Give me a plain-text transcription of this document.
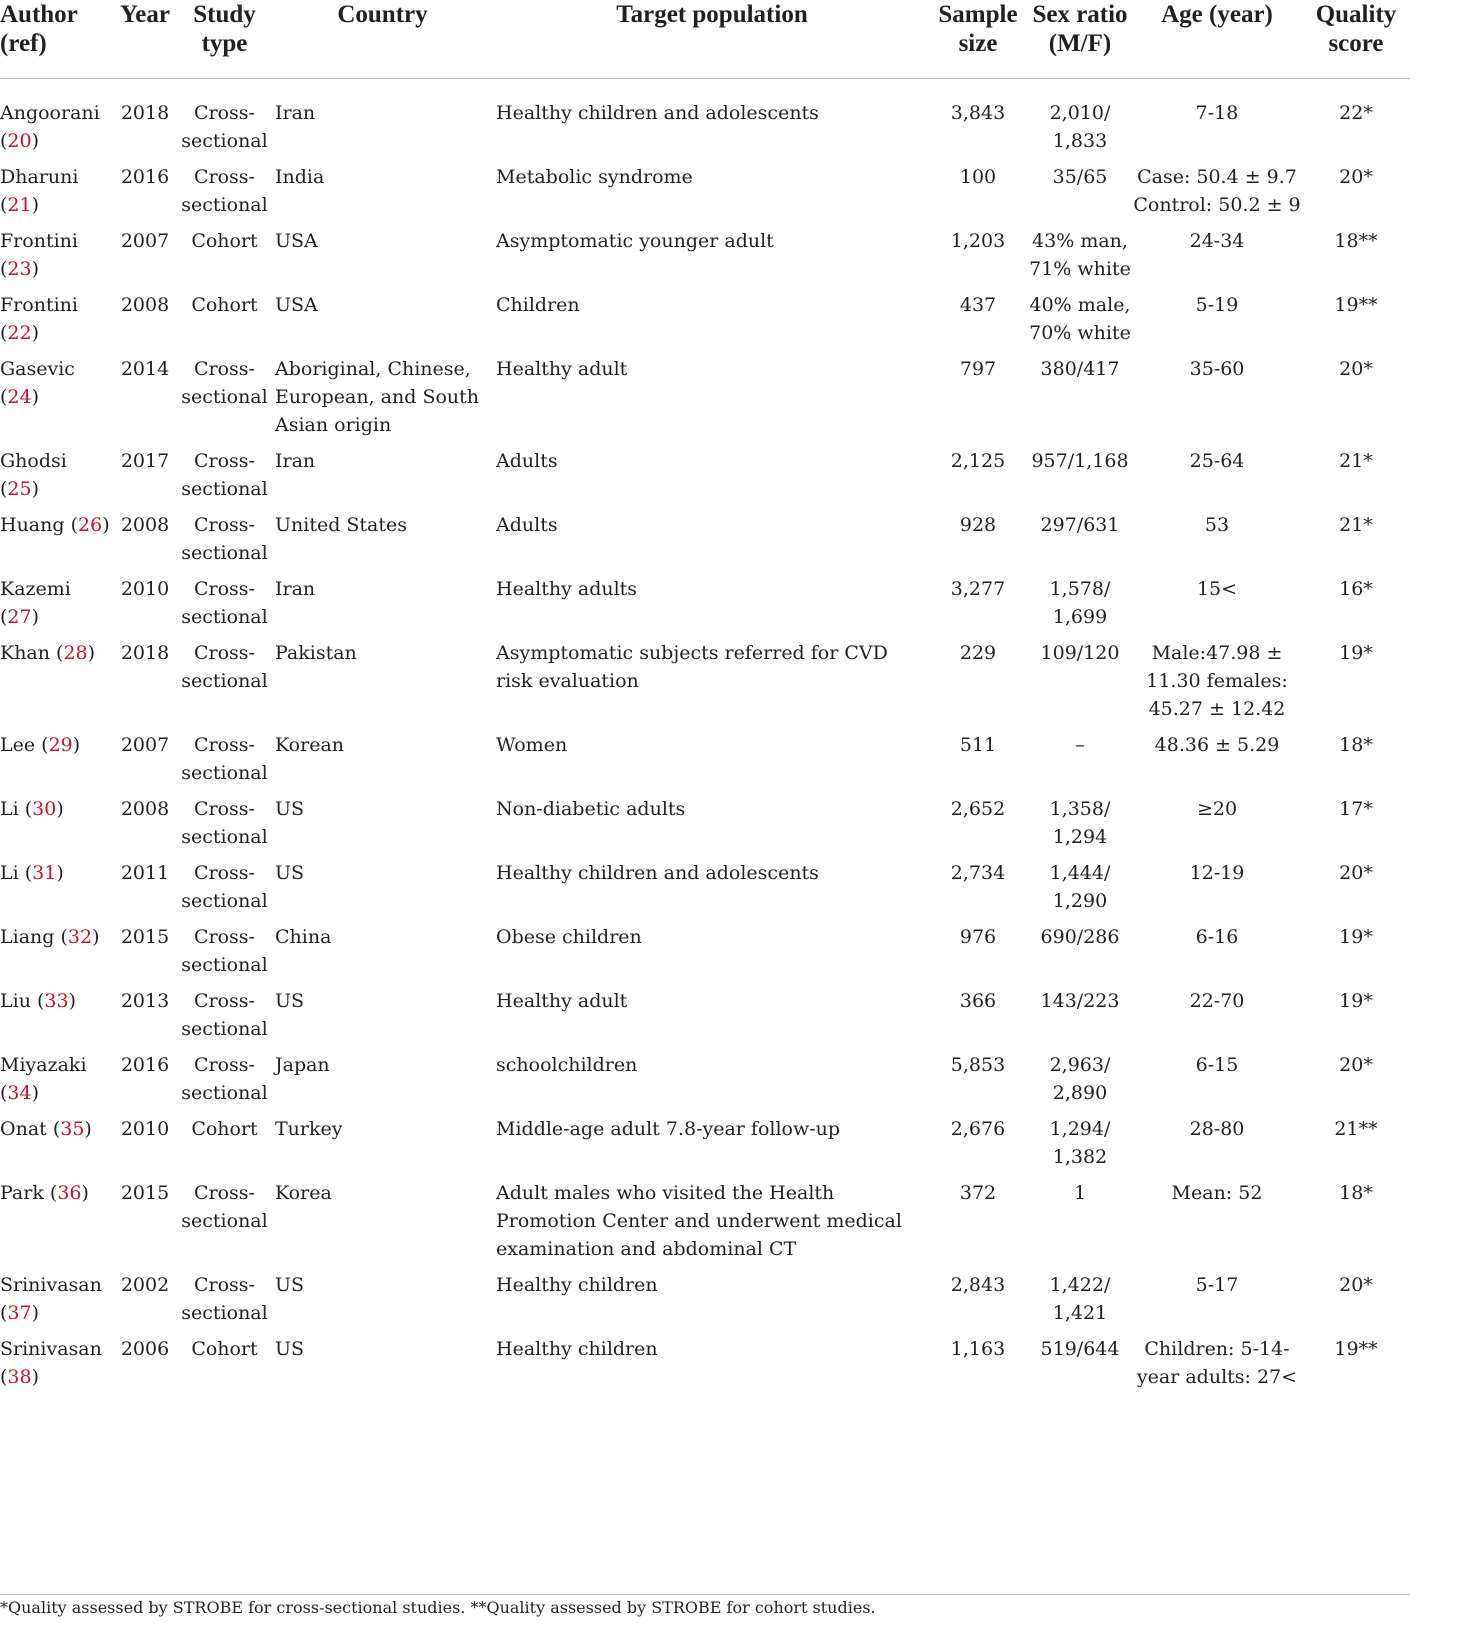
Author (ref)	Year	Study type	Country	Target population	Sample size	Sex ratio (M/F)	Age (year)	Quality score
Angoorani (20)	2018	Cross-sectional	Iran	Healthy children and adolescents	3,843	2,010/ 1,833	7-18	22*
Dharuni (21)	2016	Cross-sectional	India	Metabolic syndrome	100	35/65	Case: 50.4 ± 9.7 Control: 50.2 ± 9	20*
Frontini (23)	2007	Cohort	USA	Asymptomatic younger adult	1,203	43% man, 71% white	24-34	18**
Frontini (22)	2008	Cohort	USA	Children	437	40% male, 70% white	5-19	19**
Gasevic (24)	2014	Cross-sectional	Aboriginal, Chinese, European, and South Asian origin	Healthy adult	797	380/417	35-60	20*
Ghodsi (25)	2017	Cross-sectional	Iran	Adults	2,125	957/1,168	25-64	21*
Huang (26)	2008	Cross-sectional	United States	Adults	928	297/631	53	21*
Kazemi (27)	2010	Cross-sectional	Iran	Healthy adults	3,277	1,578/ 1,699	15<	16*
Khan (28)	2018	Cross-sectional	Pakistan	Asymptomatic subjects referred for CVD risk evaluation	229	109/120	Male:47.98 ± 11.30 females: 45.27 ± 12.42	19*
Lee (29)	2007	Cross-sectional	Korean	Women	511	–	48.36 ± 5.29	18*
Li (30)	2008	Cross-sectional	US	Non-diabetic adults	2,652	1,358/ 1,294	≥20	17*
Li (31)	2011	Cross-sectional	US	Healthy children and adolescents	2,734	1,444/ 1,290	12-19	20*
Liang (32)	2015	Cross-sectional	China	Obese children	976	690/286	6-16	19*
Liu (33)	2013	Cross-sectional	US	Healthy adult	366	143/223	22-70	19*
Miyazaki (34)	2016	Cross-sectional	Japan	schoolchildren	5,853	2,963/ 2,890	6-15	20*
Onat (35)	2010	Cohort	Turkey	Middle-age adult 7.8-year follow-up	2,676	1,294/ 1,382	28-80	21**
Park (36)	2015	Cross-sectional	Korea	Adult males who visited the Health Promotion Center and underwent medical examination and abdominal CT	372	1	Mean: 52	18*
Srinivasan (37)	2002	Cross-sectional	US	Healthy children	2,843	1,422/ 1,421	5-17	20*
Srinivasan (38)	2006	Cohort	US	Healthy children	1,163	519/644	Children: 5-14-year adults: 27<	19**
*Quality assessed by STROBE for cross-sectional studies. **Quality assessed by STROBE for cohort studies.
